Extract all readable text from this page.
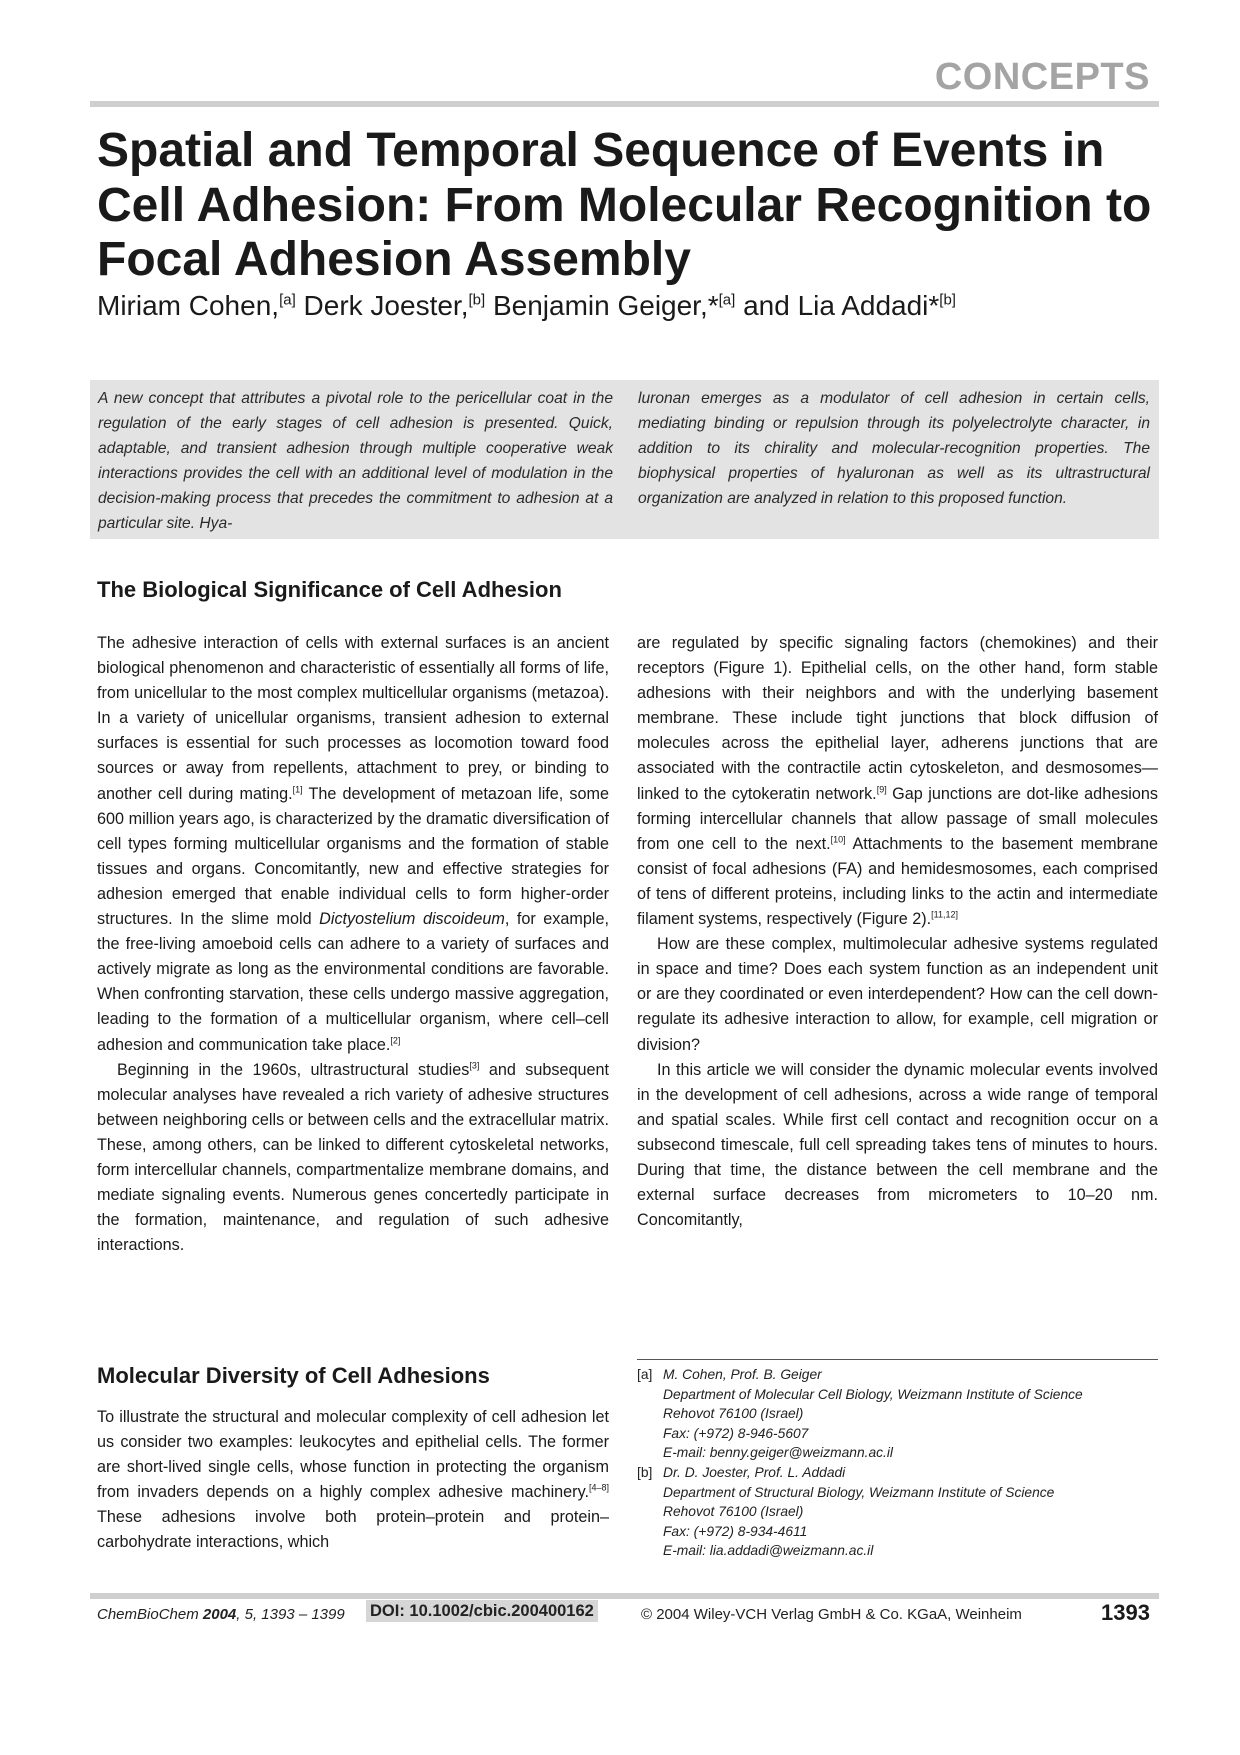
CONCEPTS
Spatial and Temporal Sequence of Events in Cell Adhesion: From Molecular Recognition to Focal Adhesion Assembly
Miriam Cohen,[a] Derk Joester,[b] Benjamin Geiger,*[a] and Lia Addadi*[b]
A new concept that attributes a pivotal role to the pericellular coat in the regulation of the early stages of cell adhesion is presented. Quick, adaptable, and transient adhesion through multiple cooperative weak interactions provides the cell with an additional level of modulation in the decision-making process that precedes the commitment to adhesion at a particular site. Hya-
luronan emerges as a modulator of cell adhesion in certain cells, mediating binding or repulsion through its polyelectrolyte character, in addition to its chirality and molecular-recognition properties. The biophysical properties of hyaluronan as well as its ultrastructural organization are analyzed in relation to this proposed function.
The Biological Significance of Cell Adhesion

The adhesive interaction of cells with external surfaces is an ancient biological phenomenon and characteristic of essentially all forms of life, from unicellular to the most complex multicellular organisms (metazoa). In a variety of unicellular organisms, transient adhesion to external surfaces is essential for such processes as locomotion toward food sources or away from repellents, attachment to prey, or binding to another cell during mating.[1] The development of metazoan life, some 600 million years ago, is characterized by the dramatic diversification of cell types forming multicellular organisms and the formation of stable tissues and organs. Concomitantly, new and effective strategies for adhesion emerged that enable individual cells to form higher-order structures. In the slime mold Dictyostelium discoideum, for example, the free-living amoeboid cells can adhere to a variety of surfaces and actively migrate as long as the environmental conditions are favorable. When confronting starvation, these cells undergo massive aggregation, leading to the formation of a multicellular organism, where cell–cell adhesion and communication take place.[2]

Beginning in the 1960s, ultrastructural studies[3] and subsequent molecular analyses have revealed a rich variety of adhesive structures between neighboring cells or between cells and the extracellular matrix. These, among others, can be linked to different cytoskeletal networks, form intercellular channels, compartmentalize membrane domains, and mediate signaling events. Numerous genes concertedly participate in the formation, maintenance, and regulation of such adhesive interactions.

Molecular Diversity of Cell Adhesions

To illustrate the structural and molecular complexity of cell adhesion let us consider two examples: leukocytes and epithelial cells. The former are short-lived single cells, whose function in protecting the organism from invaders depends on a highly complex adhesive machinery.[4–8] These adhesions involve both protein–protein and protein–carbohydrate interactions, which

are regulated by specific signaling factors (chemokines) and their receptors (Figure 1). Epithelial cells, on the other hand, form stable adhesions with their neighbors and with the underlying basement membrane. These include tight junctions that block diffusion of molecules across the epithelial layer, adherens junctions that are associated with the contractile actin cytoskeleton, and desmosomes—linked to the cytokeratin network.[9] Gap junctions are dot-like adhesions forming intercellular channels that allow passage of small molecules from one cell to the next.[10] Attachments to the basement membrane consist of focal adhesions (FA) and hemidesmosomes, each comprised of tens of different proteins, including links to the actin and intermediate filament systems, respectively (Figure 2).[11,12]

How are these complex, multimolecular adhesive systems regulated in space and time? Does each system function as an independent unit or are they coordinated or even interdependent? How can the cell down-regulate its adhesive interaction to allow, for example, cell migration or division?

In this article we will consider the dynamic molecular events involved in the development of cell adhesions, across a wide range of temporal and spatial scales. While first cell contact and recognition occur on a subsecond timescale, full cell spreading takes tens of minutes to hours. During that time, the distance between the cell membrane and the external surface decreases from micrometers to 10–20 nm. Concomitantly,

[a] M. Cohen, Prof. B. Geiger
Department of Molecular Cell Biology, Weizmann Institute of Science
Rehovot 76100 (Israel)
Fax: (+972) 8-946-5607
E-mail: benny.geiger@weizmann.ac.il
[b] Dr. D. Joester, Prof. L. Addadi
Department of Structural Biology, Weizmann Institute of Science
Rehovot 76100 (Israel)
Fax: (+972) 8-934-4611
E-mail: lia.addadi@weizmann.ac.il
ChemBioChem 2004, 5, 1393 – 1399 DOI: 10.1002/cbic.200400162	© 2004 Wiley-VCH Verlag GmbH & Co. KGaA, Weinheim	1393
